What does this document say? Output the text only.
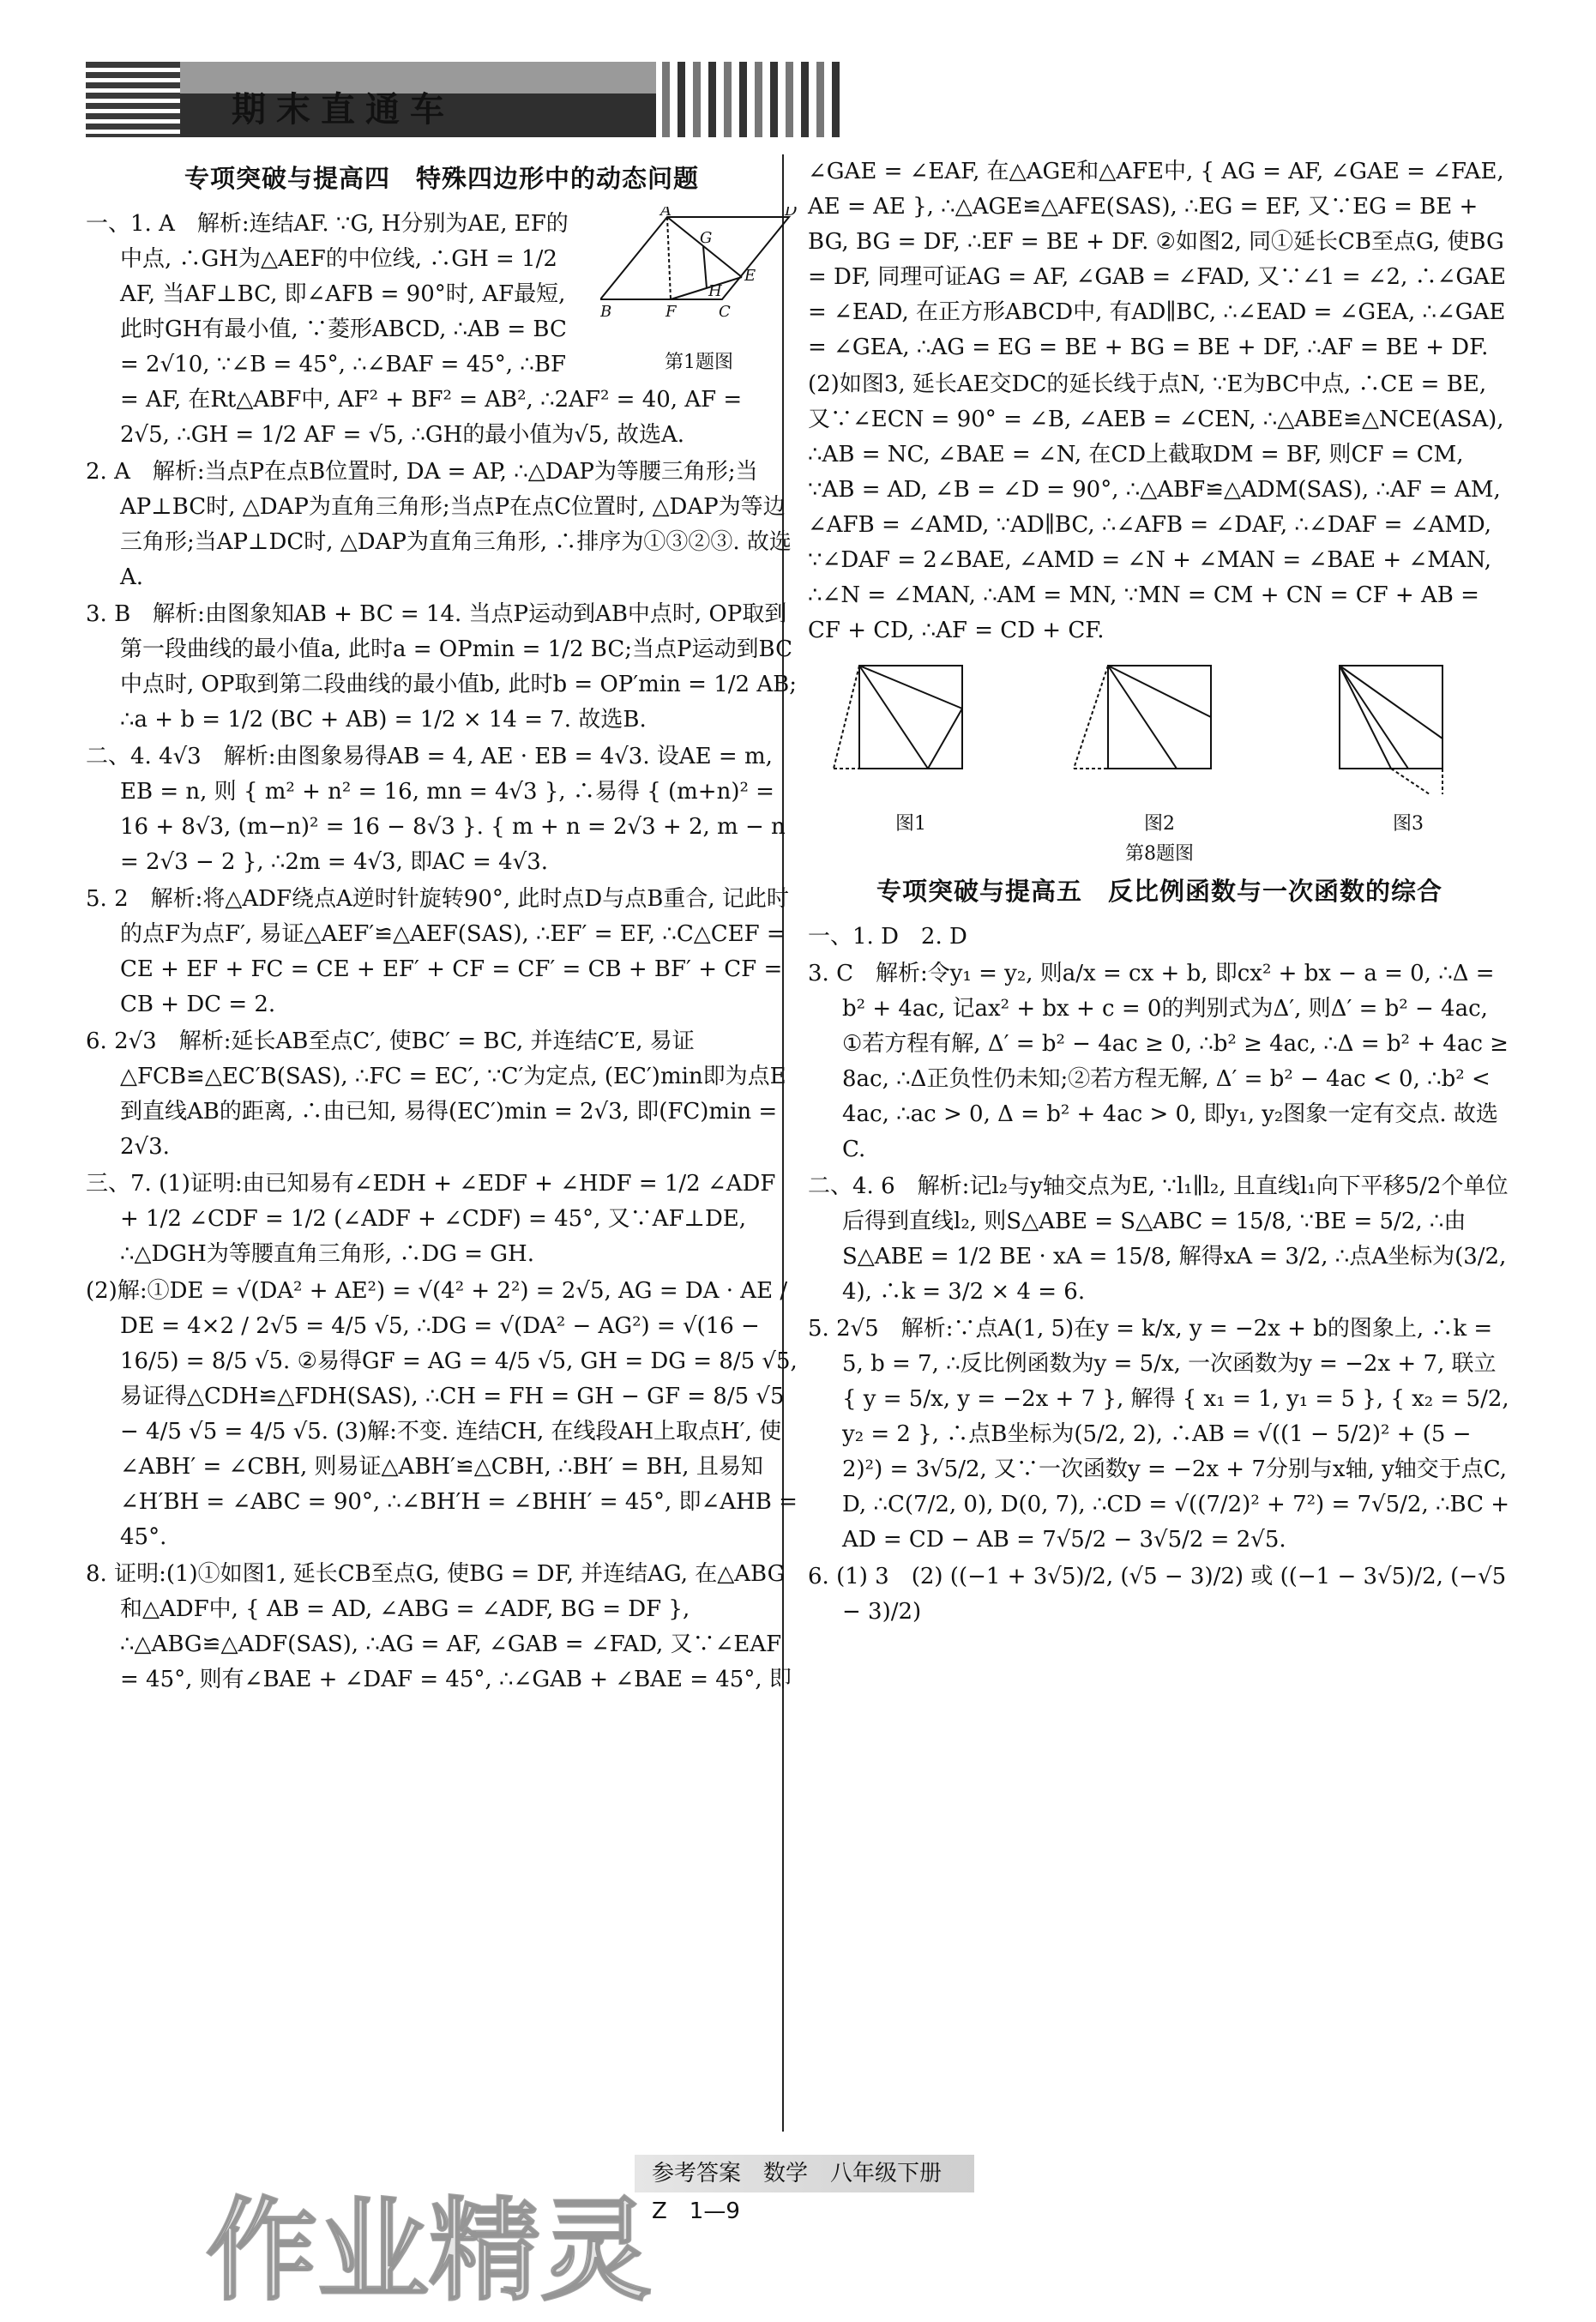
期末直通车
专项突破与提高四　特殊四边形中的动态问题
A	D
G
E
H
B	F	C
第1题图

一、1. A　解析:连结AF. ∵G, H分别为AE, EF的中点, ∴GH为△AEF的中位线, ∴GH = 1/2 AF, 当AF⊥BC, 即∠AFB = 90°时, AF最短, 此时GH有最小值, ∵菱形ABCD, ∴AB = BC = 2√10, ∵∠B = 45°, ∴∠BAF = 45°, ∴BF = AF, 在Rt△ABF中, AF² + BF² = AB², ∴2AF² = 40, AF = 2√5, ∴GH = 1/2 AF = √5, ∴GH的最小值为√5, 故选A.

2. A　解析:当点P在点B位置时, DA = AP, ∴△DAP为等腰三角形;当AP⊥BC时, △DAP为直角三角形;当点P在点C位置时, △DAP为等边三角形;当AP⊥DC时, △DAP为直角三角形, ∴排序为①③②③. 故选A.

3. B　解析:由图象知AB + BC = 14. 当点P运动到AB中点时, OP取到第一段曲线的最小值a, 此时a = OPmin = 1/2 BC;当点P运动到BC中点时, OP取到第二段曲线的最小值b, 此时b = OP′min = 1/2 AB; ∴a + b = 1/2 (BC + AB) = 1/2 × 14 = 7. 故选B.

二、4. 4√3　解析:由图象易得AB = 4, AE · EB = 4√3. 设AE = m, EB = n, 则 { m² + n² = 16, mn = 4√3 }, ∴易得 { (m+n)² = 16 + 8√3, (m−n)² = 16 − 8√3 }. { m + n = 2√3 + 2, m − n = 2√3 − 2 }, ∴2m = 4√3, 即AC = 4√3.

5. 2　解析:将△ADF绕点A逆时针旋转90°, 此时点D与点B重合, 记此时的点F为点F′, 易证△AEF′≌△AEF(SAS), ∴EF′ = EF, ∴C△CEF = CE + EF + FC = CE + EF′ + CF = CF′ = CB + BF′ + CF = CB + DC = 2.

6. 2√3　解析:延长AB至点C′, 使BC′ = BC, 并连结C′E, 易证△FCB≌△EC′B(SAS), ∴FC = EC′, ∵C′为定点, (EC′)min即为点E到直线AB的距离, ∴由已知, 易得(EC′)min = 2√3, 即(FC)min = 2√3.

三、7. (1)证明:由已知易有∠EDH + ∠EDF + ∠HDF = 1/2 ∠ADF + 1/2 ∠CDF = 1/2 (∠ADF + ∠CDF) = 45°, 又∵AF⊥DE, ∴△DGH为等腰直角三角形, ∴DG = GH.

(2)解:①DE = √(DA² + AE²) = √(4² + 2²) = 2√5, AG = DA · AE / DE = 4×2 / 2√5 = 4/5 √5, ∴DG = √(DA² − AG²) = √(16 − 16/5) = 8/5 √5. ②易得GF = AG = 4/5 √5, GH = DG = 8/5 √5, 易证得△CDH≌△FDH(SAS), ∴CH = FH = GH − GF = 8/5 √5 − 4/5 √5 = 4/5 √5. (3)解:不变. 连结CH, 在线段AH上取点H′, 使∠ABH′ = ∠CBH, 则易证△ABH′≌△CBH, ∴BH′ = BH, 且易知∠H′BH = ∠ABC = 90°, ∴∠BH′H = ∠BHH′ = 45°, 即∠AHB = 45°.

8. 证明:(1)①如图1, 延长CB至点G, 使BG = DF, 并连结AG, 在△ABG和△ADF中, { AB = AD, ∠ABG = ∠ADF, BG = DF }, ∴△ABG≌△ADF(SAS), ∴AG = AF, ∠GAB = ∠FAD, 又∵∠EAF = 45°, 则有∠BAE + ∠DAF = 45°, ∴∠GAB + ∠BAE = 45°, 即

∠GAE = ∠EAF, 在△AGE和△AFE中, { AG = AF, ∠GAE = ∠FAE, AE = AE }, ∴△AGE≌△AFE(SAS), ∴EG = EF, 又∵EG = BE + BG, BG = DF, ∴EF = BE + DF. ②如图2, 同①延长CB至点G, 使BG = DF, 同理可证AG = AF, ∠GAB = ∠FAD, 又∵∠1 = ∠2, ∴∠GAE = ∠EAD, 在正方形ABCD中, 有AD∥BC, ∴∠EAD = ∠GEA, ∴∠GAE = ∠GEA, ∴AG = EG = BE + BG = BE + DF, ∴AF = BE + DF.

(2)如图3, 延长AE交DC的延长线于点N, ∵E为BC中点, ∴CE = BE, 又∵∠ECN = 90° = ∠B, ∠AEB = ∠CEN, ∴△ABE≌△NCE(ASA), ∴AB = NC, ∠BAE = ∠N, 在CD上截取DM = BF, 则CF = CM, ∵AB = AD, ∠B = ∠D = 90°, ∴△ABF≌△ADM(SAS), ∴AF = AM, ∠AFB = ∠AMD, ∵AD∥BC, ∴∠AFB = ∠DAF, ∴∠DAF = ∠AMD, ∵∠DAF = 2∠BAE, ∠AMD = ∠N + ∠MAN = ∠BAE + ∠MAN, ∴∠N = ∠MAN, ∴AM = MN, ∵MN = CM + CN = CF + AB = CF + CD, ∴AF = CD + CF.

图1	图2	图3
第8题图
专项突破与提高五　反比例函数与一次函数的综合

一、1. D　2. D

3. C　解析:令y₁ = y₂, 则a/x = cx + b, 即cx² + bx − a = 0, ∴Δ = b² + 4ac, 记ax² + bx + c = 0的判别式为Δ′, 则Δ′ = b² − 4ac, ①若方程有解, Δ′ = b² − 4ac ≥ 0, ∴b² ≥ 4ac, ∴Δ = b² + 4ac ≥ 8ac, ∴Δ正负性仍未知;②若方程无解, Δ′ = b² − 4ac < 0, ∴b² < 4ac, ∴ac > 0, Δ = b² + 4ac > 0, 即y₁, y₂图象一定有交点. 故选C.

二、4. 6　解析:记l₂与y轴交点为E, ∵l₁∥l₂, 且直线l₁向下平移5/2个单位后得到直线l₂, 则S△ABE = S△ABC = 15/8, ∵BE = 5/2, ∴由S△ABE = 1/2 BE · xA = 15/8, 解得xA = 3/2, ∴点A坐标为(3/2, 4), ∴k = 3/2 × 4 = 6.

5. 2√5　解析:∵点A(1, 5)在y = k/x, y = −2x + b的图象上, ∴k = 5, b = 7, ∴反比例函数为y = 5/x, 一次函数为y = −2x + 7, 联立 { y = 5/x, y = −2x + 7 }, 解得 { x₁ = 1, y₁ = 5 }, { x₂ = 5/2, y₂ = 2 }, ∴点B坐标为(5/2, 2), ∴AB = √((1 − 5/2)² + (5 − 2)²) = 3√5/2, 又∵一次函数y = −2x + 7分别与x轴, y轴交于点C, D, ∴C(7/2, 0), D(0, 7), ∴CD = √((7/2)² + 7²) = 7√5/2, ∴BC + AD = CD − AB = 7√5/2 − 3√5/2 = 2√5.

6. (1) 3　(2) ((−1 + 3√5)/2, (√5 − 3)/2) 或 ((−1 − 3√5)/2, (−√5 − 3)/2)

参考答案　数学　八年级下册　Z　1—9
作业精灵
